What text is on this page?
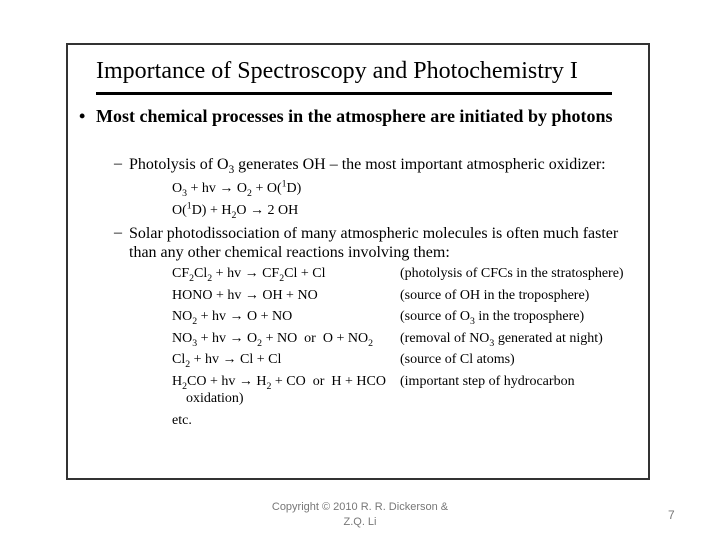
Importance of Spectroscopy and Photochemistry I
• Most chemical processes in the atmosphere are initiated by photons
– Photolysis of $O_3$ generates OH – the most important atmospheric oxidizer:
$O_3$ + hv → $O_2 + O(^1D)$
$O(^1D) + H_2O \to 2$ OH
– Solar photodissociation of many atmospheric molecules is often much faster than any other chemical reactions involving them:
$CF_2Cl_2$ + hv → $CF_2Cl + Cl$	(photolysis of CFCs in the stratosphere)
HONO + hv → OH + NO	(source of OH in the troposphere)
$NO_2$ + hv → O + NO	(source of $O_3$ in the troposphere)
$NO_3$ + hv → $O_2$ + NO  or  $O + NO_2$ (removal of $NO_3$ generated at night)
$Cl_2$ + hv → Cl + Cl	(source of Cl atoms)
$H_2CO$ + hv → $H_2$ + CO  or  H + HCO (important step of hydrocarbon
oxidation)
etc.
Copyright © 2010 R. R. Dickerson &
Z.Q. Li	7
